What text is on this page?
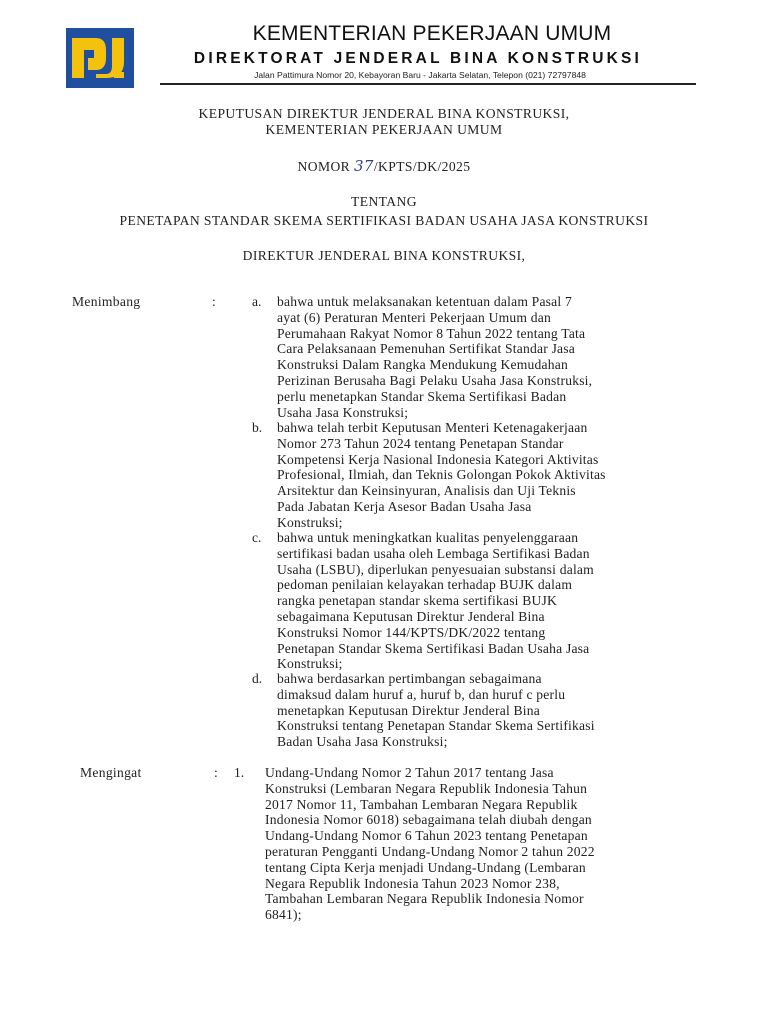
KEMENTERIAN PEKERJAAN UMUM
DIREKTORAT JENDERAL BINA KONSTRUKSI
Jalan Pattimura Nomor 20, Kebayoran Baru - Jakarta Selatan, Telepon (021) 72797848
KEPUTUSAN DIREKTUR JENDERAL BINA KONSTRUKSI,
KEMENTERIAN PEKERJAAN UMUM
NOMOR 37/KPTS/DK/2025
TENTANG
PENETAPAN STANDAR SKEMA SERTIFIKASI BADAN USAHA JASA KONSTRUKSI
DIREKTUR JENDERAL BINA KONSTRUKSI,
Menimbang	:	a. bahwa untuk melaksanakan ketentuan dalam Pasal 7
ayat (6) Peraturan Menteri Pekerjaan Umum dan
Perumahaan Rakyat Nomor 8 Tahun 2022 tentang Tata
Cara Pelaksanaan Pemenuhan Sertifikat Standar Jasa
Konstruksi Dalam Rangka Mendukung Kemudahan
Perizinan Berusaha Bagi Pelaku Usaha Jasa Konstruksi,
perlu menetapkan Standar Skema Sertifikasi Badan
Usaha Jasa Konstruksi;
b. bahwa telah terbit Keputusan Menteri Ketenagakerjaan
Nomor 273 Tahun 2024 tentang Penetapan Standar
Kompetensi Kerja Nasional Indonesia Kategori Aktivitas
Profesional, Ilmiah, dan Teknis Golongan Pokok Aktivitas
Arsitektur dan Keinsinyuran, Analisis dan Uji Teknis
Pada Jabatan Kerja Asesor Badan Usaha Jasa
Konstruksi;
c. bahwa untuk meningkatkan kualitas penyelenggaraan
sertifikasi badan usaha oleh Lembaga Sertifikasi Badan
Usaha (LSBU), diperlukan penyesuaian substansi dalam
pedoman penilaian kelayakan terhadap BUJK dalam
rangka penetapan standar skema sertifikasi BUJK
sebagaimana Keputusan Direktur Jenderal Bina
Konstruksi Nomor 144/KPTS/DK/2022 tentang
Penetapan Standar Skema Sertifikasi Badan Usaha Jasa
Konstruksi;
d. bahwa berdasarkan pertimbangan sebagaimana
dimaksud dalam huruf a, huruf b, dan huruf c perlu
menetapkan Keputusan Direktur Jenderal Bina
Konstruksi tentang Penetapan Standar Skema Sertifikasi
Badan Usaha Jasa Konstruksi;
Mengingat	: 1. Undang-Undang Nomor 2 Tahun 2017 tentang Jasa
Konstruksi (Lembaran Negara Republik Indonesia Tahun
2017 Nomor 11, Tambahan Lembaran Negara Republik
Indonesia Nomor 6018) sebagaimana telah diubah dengan
Undang-Undang Nomor 6 Tahun 2023 tentang Penetapan
peraturan Pengganti Undang-Undang Nomor 2 tahun 2022
tentang Cipta Kerja menjadi Undang-Undang (Lembaran
Negara Republik Indonesia Tahun 2023 Nomor 238,
Tambahan Lembaran Negara Republik Indonesia Nomor
6841);
